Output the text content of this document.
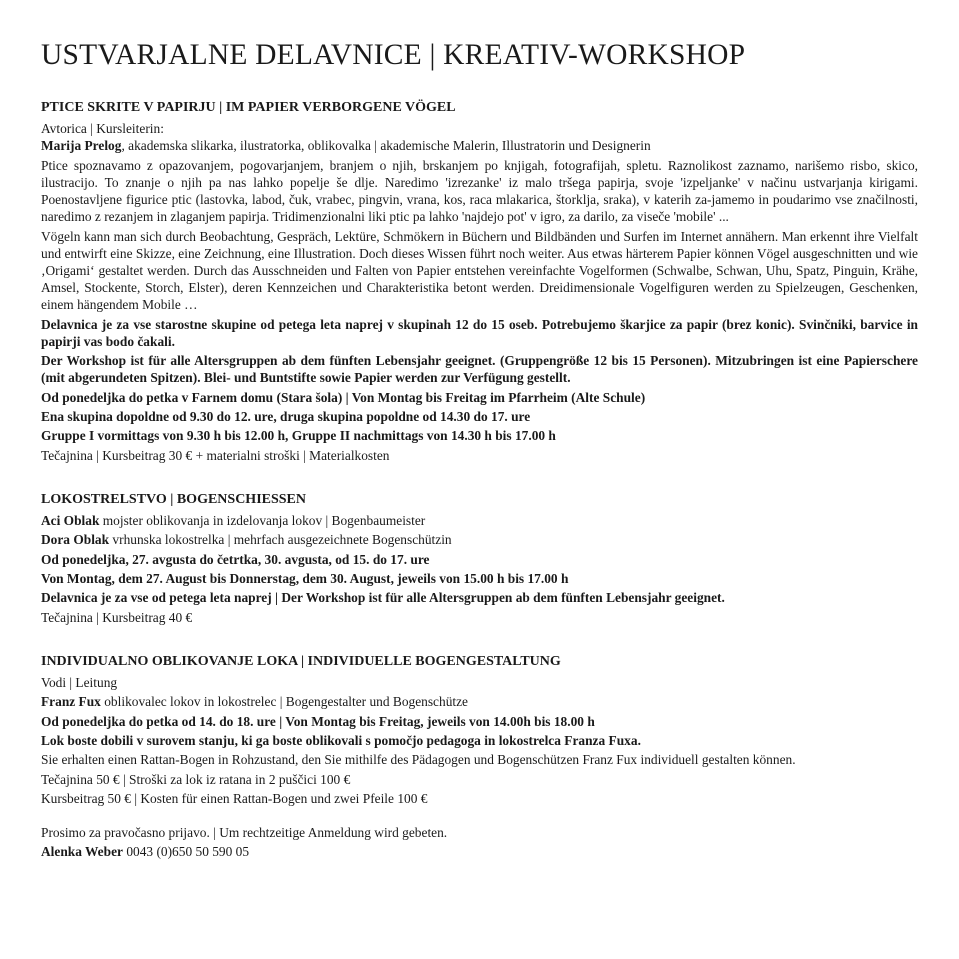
USTVARJALNE DELAVNICE | KREATIV-WORKSHOP

PTICE SKRITE V PAPIRJU | IM PAPIER VERBORGENE VÖGEL

Avtorica | Kursleiterin:

Marija Prelog, akademska slikarka, ilustratorka, oblikovalka | akademische Malerin, Illustratorin und Designerin

Ptice spoznavamo z opazovanjem, pogovarjanjem, branjem o njih, brskanjem po knjigah, fotografijah, spletu. Raznolikost zaznamo, narišemo risbo, skico, ilustracijo. To znanje o njih pa nas lahko popelje še dlje. Naredimo 'izrezanke' iz malo tršega papirja, svoje 'izpeljanke' v načinu ustvarjanja kirigami. Poenostavljene figurice ptic (lastovka, labod, čuk, vrabec, pingvin, vrana, kos, raca mlakarica, štorklja, sraka), v katerih za-jamemo in poudarimo vse značilnosti, naredimo z rezanjem in zlaganjem papirja. Tridimenzionalni liki ptic pa lahko 'najdejo pot' v igro, za darilo, za viseče 'mobile' ...

Vögeln kann man sich durch Beobachtung, Gespräch, Lektüre, Schmökern in Büchern und Bildbänden und Surfen im Internet annähern. Man erkennt ihre Vielfalt und entwirft eine Skizze, eine Zeichnung, eine Illustration. Doch dieses Wissen führt noch weiter. Aus etwas härterem Papier können Vögel ausgeschnitten und wie ‚Origami‘ gestaltet werden. Durch das Ausschneiden und Falten von Papier entstehen vereinfachte Vogelformen (Schwalbe, Schwan, Uhu, Spatz, Pinguin, Krähe, Amsel, Stockente, Storch, Elster), deren Kennzeichen und Charakteristika betont werden. Dreidimensionale Vogelfiguren werden zu Spielzeugen, Geschenken, einem hängendem Mobile …

Delavnica je za vse starostne skupine od petega leta naprej v skupinah 12 do 15 oseb. Potrebujemo škarjice za papir (brez konic). Svinčniki, barvice in papirji vas bodo čakali.

Der Workshop ist für alle Altersgruppen ab dem fünften Lebensjahr geeignet. (Gruppengröße 12 bis 15 Personen). Mitzubringen ist eine Papierschere (mit abgerundeten Spitzen). Blei- und Buntstifte sowie Papier werden zur Verfügung gestellt.

Od ponedeljka do petka v Farnem domu (Stara šola) | Von Montag bis Freitag im Pfarrheim (Alte Schule)

Ena skupina dopoldne od 9.30 do 12. ure, druga skupina popoldne od 14.30 do 17. ure

Gruppe I vormittags von 9.30 h bis 12.00 h, Gruppe II nachmittags von 14.30 h bis 17.00 h

Tečajnina | Kursbeitrag 30 € + materialni stroški | Materialkosten

LOKOSTRELSTVO | BOGENSCHIESSEN

Aci Oblak mojster oblikovanja in izdelovanja lokov | Bogenbaumeister

Dora Oblak vrhunska lokostrelka | mehrfach ausgezeichnete Bogenschützin

Od ponedeljka, 27. avgusta do četrtka, 30. avgusta, od 15. do 17. ure

Von Montag, dem 27. August bis Donnerstag, dem 30. August, jeweils von 15.00 h bis 17.00 h

Delavnica je za vse od petega leta naprej | Der Workshop ist für alle Altersgruppen ab dem fünften Lebensjahr geeignet.

Tečajnina | Kursbeitrag 40 €

INDIVIDUALNO OBLIKOVANJE LOKA | INDIVIDUELLE BOGENGESTALTUNG

Vodi | Leitung

Franz Fux oblikovalec lokov in lokostrelec | Bogengestalter und Bogenschütze

Od ponedeljka do petka od 14. do 18. ure | Von Montag bis Freitag, jeweils von 14.00h bis 18.00 h

Lok boste dobili v surovem stanju, ki ga boste oblikovali s pomočjo pedagoga in lokostrelca Franza Fuxa.

Sie erhalten einen Rattan-Bogen in Rohzustand, den Sie mithilfe des Pädagogen und Bogenschützen Franz Fux individuell gestalten können.

Tečajnina 50 € | Stroški za lok iz ratana in 2 puščici 100 €

Kursbeitrag 50 € | Kosten für einen Rattan-Bogen und zwei Pfeile 100 €

Prosimo za pravočasno prijavo. | Um rechtzeitige Anmeldung wird gebeten.

Alenka Weber 0043 (0)650 50 590 05
